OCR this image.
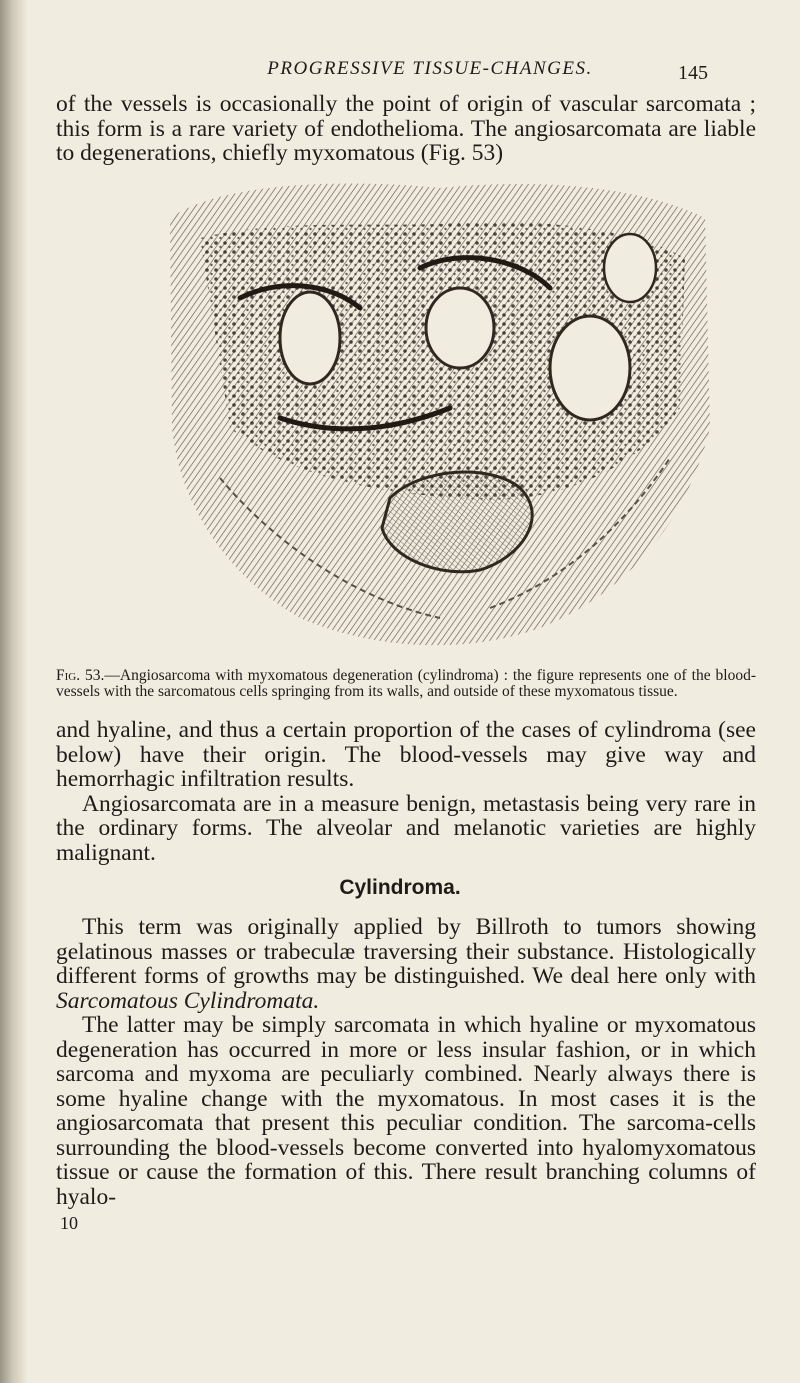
PROGRESSIVE TISSUE-CHANGES.	145

of the vessels is occasionally the point of origin of vascular sarcomata ; this form is a rare variety of endothelioma. The angiosarcomata are liable to degenerations, chiefly myxomatous (Fig. 53)

Fig. 53.—Angiosarcoma with myxomatous degeneration (cylindroma) : the figure represents one of the blood-vessels with the sarcomatous cells springing from its walls, and outside of these myxomatous tissue.

and hyaline, and thus a certain proportion of the cases of cylindroma (see below) have their origin. The blood-vessels may give way and hemorrhagic infiltration results.

Angiosarcomata are in a measure benign, metastasis being very rare in the ordinary forms. The alveolar and melanotic varieties are highly malignant.

Cylindroma.

This term was originally applied by Billroth to tumors showing gelatinous masses or trabeculæ traversing their substance. Histologically different forms of growths may be distinguished. We deal here only with Sarcomatous Cylindromata.

The latter may be simply sarcomata in which hyaline or myxomatous degeneration has occurred in more or less insular fashion, or in which sarcoma and myxoma are peculiarly combined. Nearly always there is some hyaline change with the myxomatous. In most cases it is the angiosarcomata that present this peculiar condition. The sarcoma-cells surrounding the blood-vessels become converted into hyalomyxomatous tissue or cause the formation of this. There result branching columns of hyalo-

10
